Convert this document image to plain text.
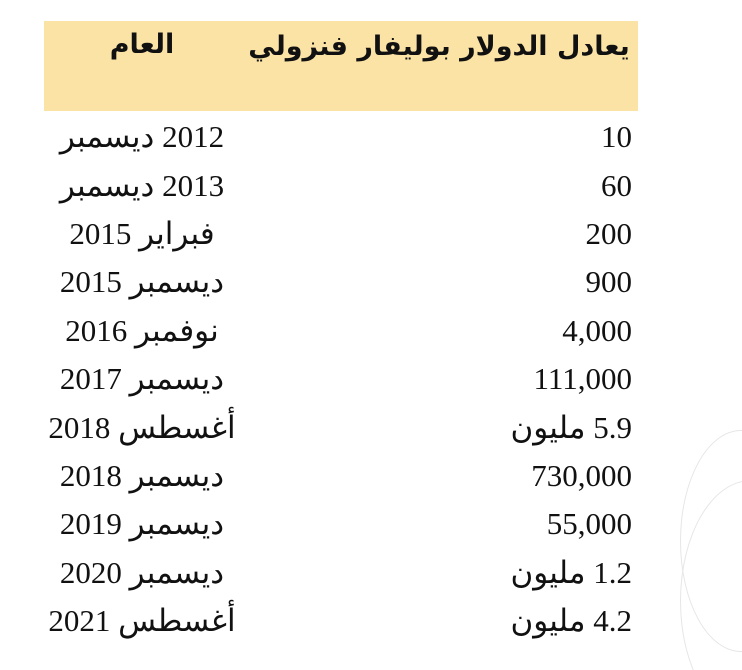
العام	يعادل الدولار بوليفار فنزولي
2012 ديسمبر	10
2013 ديسمبر	60
فبراير 2015	200
ديسمبر 2015	900
نوفمبر 2016	4,000
ديسمبر 2017	111,000
أغسطس 2018	5.9 مليون
ديسمبر 2018	730,000
ديسمبر 2019	55,000
ديسمبر 2020	1.2 مليون
أغسطس 2021	4.2 مليون
